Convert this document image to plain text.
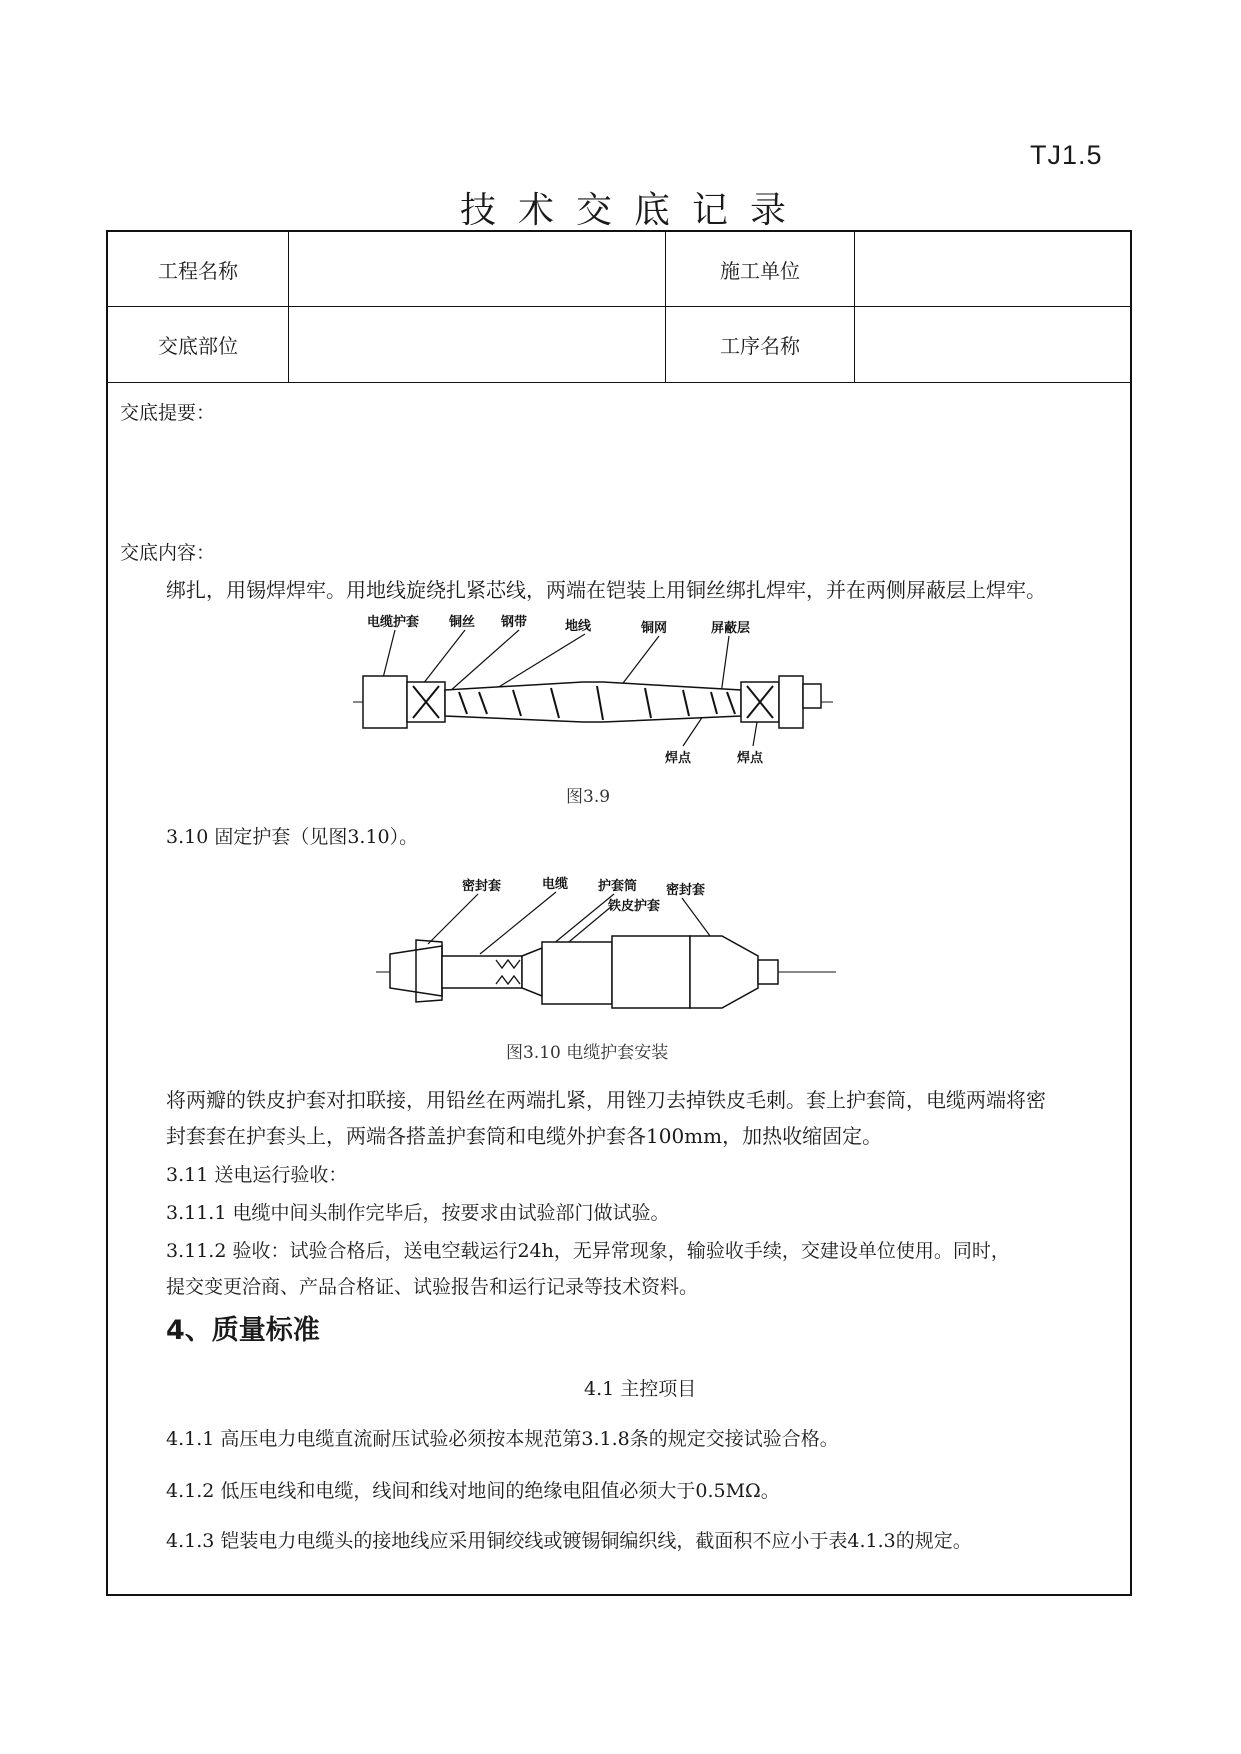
TJ1.5
技术交底记录
工程名称	施工单位
交底部位	工序名称
交底提要：
交底内容：
绑扎，用锡焊焊牢。用地线旋绕扎紧芯线，两端在铠装上用铜丝绑扎焊牢，并在两侧屏蔽层上焊牢。
电缆护套 铜丝 钢带	地线	铜网	屏蔽层
焊点	焊点
图3.9
3.10 固定护套（见图3.10）。
密封套	电缆 护套筒
铁皮护套
密封套
图3.10 电缆护套安装
将两瓣的铁皮护套对扣联接，用铅丝在两端扎紧，用锉刀去掉铁皮毛刺。套上护套筒，电缆两端将密
封套套在护套头上，两端各搭盖护套筒和电缆外护套各100mm，加热收缩固定。
3.11 送电运行验收：
3.11.1 电缆中间头制作完毕后，按要求由试验部门做试验。
3.11.2 验收：试验合格后，送电空载运行24h，无异常现象，输验收手续，交建设单位使用。同时，
提交变更洽商、产品合格证、试验报告和运行记录等技术资料。
4、质量标准
4.1 主控项目
4.1.1 高压电力电缆直流耐压试验必须按本规范第3.1.8条的规定交接试验合格。
4.1.2 低压电线和电缆，线间和线对地间的绝缘电阻值必须大于0.5MΩ。
4.1.3 铠装电力电缆头的接地线应采用铜绞线或镀锡铜编织线，截面积不应小于表4.1.3的规定。
